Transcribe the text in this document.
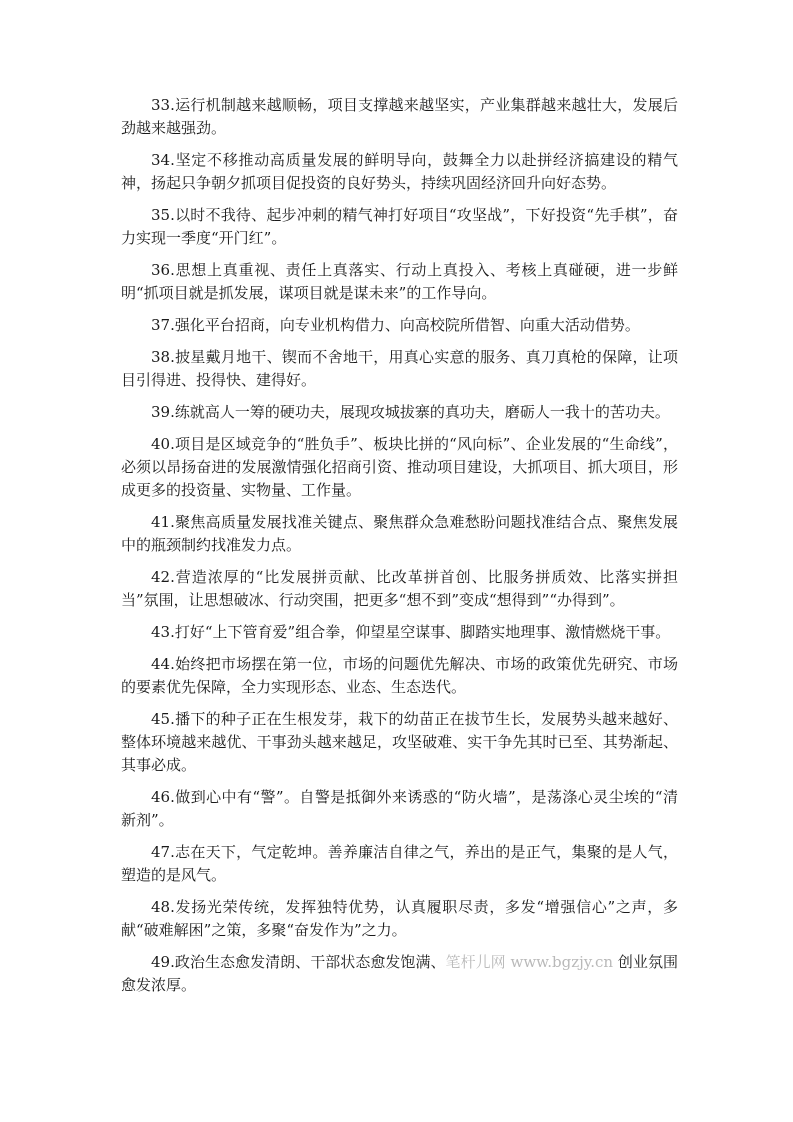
33.运行机制越来越顺畅，项目支撑越来越坚实，产业集群越来越壮大，发展后劲越来越强劲。

34.坚定不移推动高质量发展的鲜明导向，鼓舞全力以赴拼经济搞建设的精气神，扬起只争朝夕抓项目促投资的良好势头，持续巩固经济回升向好态势。

35.以时不我待、起步冲刺的精气神打好项目“攻坚战”，下好投资“先手棋”，奋力实现一季度“开门红”。

36.思想上真重视、责任上真落实、行动上真投入、考核上真碰硬，进一步鲜明“抓项目就是抓发展，谋项目就是谋未来”的工作导向。

37.强化平台招商，向专业机构借力、向高校院所借智、向重大活动借势。

38.披星戴月地干、锲而不舍地干，用真心实意的服务、真刀真枪的保障，让项目引得进、投得快、建得好。

39.练就高人一筹的硬功夫，展现攻城拔寨的真功夫，磨砺人一我十的苦功夫。

40.项目是区域竞争的“胜负手”、板块比拼的“风向标”、企业发展的“生命线”，必须以昂扬奋进的发展激情强化招商引资、推动项目建设，大抓项目、抓大项目，形成更多的投资量、实物量、工作量。

41.聚焦高质量发展找准关键点、聚焦群众急难愁盼问题找准结合点、聚焦发展中的瓶颈制约找准发力点。

42.营造浓厚的“比发展拼贡献、比改革拼首创、比服务拼质效、比落实拼担当”氛围，让思想破冰、行动突围，把更多“想不到”变成“想得到”“办得到”。

43.打好“上下管育爱”组合拳，仰望星空谋事、脚踏实地理事、激情燃烧干事。

44.始终把市场摆在第一位，市场的问题优先解决、市场的政策优先研究、市场的要素优先保障，全力实现形态、业态、生态迭代。

45.播下的种子正在生根发芽，栽下的幼苗正在拔节生长，发展势头越来越好、整体环境越来越优、干事劲头越来越足，攻坚破难、实干争先其时已至、其势渐起、其事必成。

46.做到心中有“警”。自警是抵御外来诱惑的“防火墙”，是荡涤心灵尘埃的“清新剂”。

47.志在天下，气定乾坤。善养廉洁自律之气，养出的是正气，集聚的是人气，塑造的是风气。

48.发扬光荣传统，发挥独特优势，认真履职尽责，多发“增强信心”之声，多献“破难解困”之策，多聚“奋发作为”之力。

49.政治生态愈发清朗、干部状态愈发饱满、笔杆儿网 www.bgzjy.cn 创业氛围愈发浓厚。
